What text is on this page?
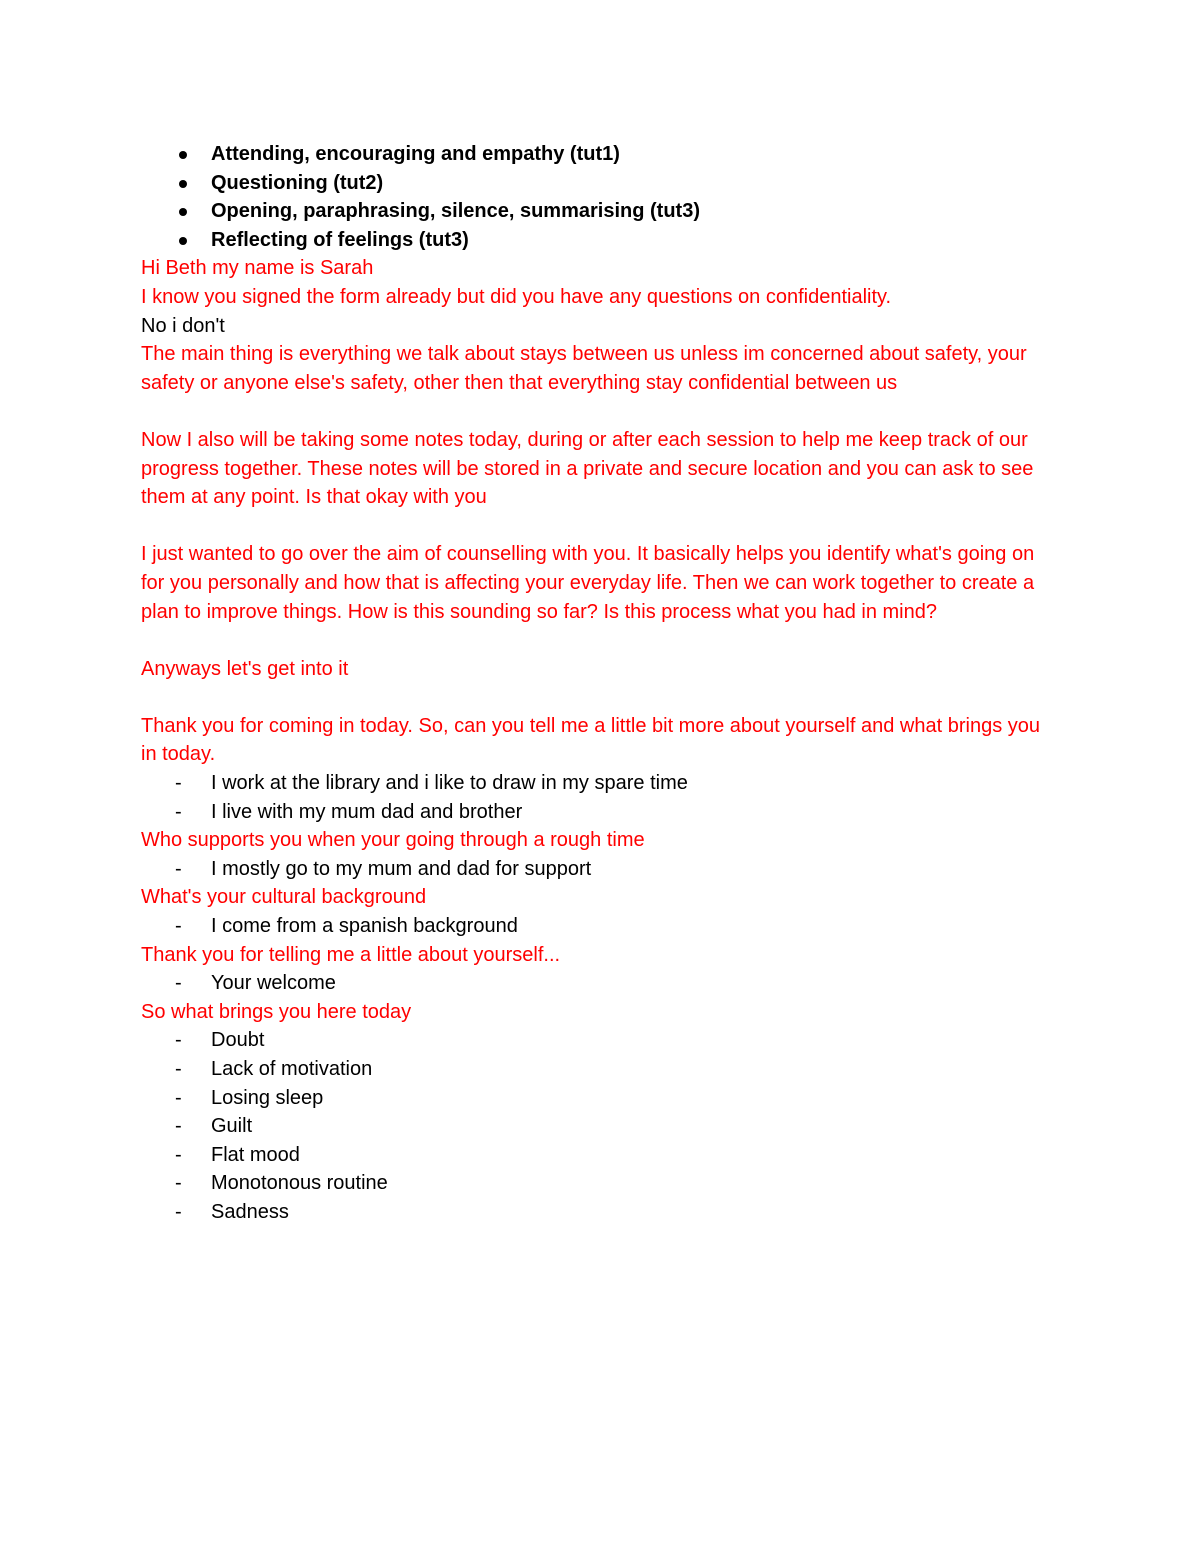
Attending, encouraging and empathy (tut1)
Questioning (tut2)
Opening, paraphrasing, silence, summarising (tut3)
Reflecting of feelings (tut3)

Hi Beth my name is Sarah

I know you signed the form already but did you have any questions on confidentiality.

No i don't

The main thing is everything we talk about stays between us unless im concerned about safety, your safety or anyone else's safety, other then that everything stay confidential between us

Now I also will be taking some notes today, during or after each session to help me keep track of our progress together. These notes will be stored in a private and secure location and you can ask to see them at any point. Is that okay with you

I just wanted to go over the aim of counselling with you. It basically helps you identify what's going on for you personally and how that is affecting your everyday life. Then we can work together to create a plan to improve things. How is this sounding so far? Is this process what you had in mind?

Anyways let's get into it

Thank you for coming in today. So, can you tell me a little bit more about yourself and what brings you in today.

- I work at the library and i like to draw in my spare time
- I live with my mum dad and brother

Who supports you when your going through a rough time

- I mostly go to my mum and dad for support

What's your cultural background

- I come from a spanish background

Thank you for telling me a little about yourself...

- Your welcome

So what brings you here today

- Doubt
- Lack of motivation
- Losing sleep
- Guilt
- Flat mood
- Monotonous routine
- Sadness
